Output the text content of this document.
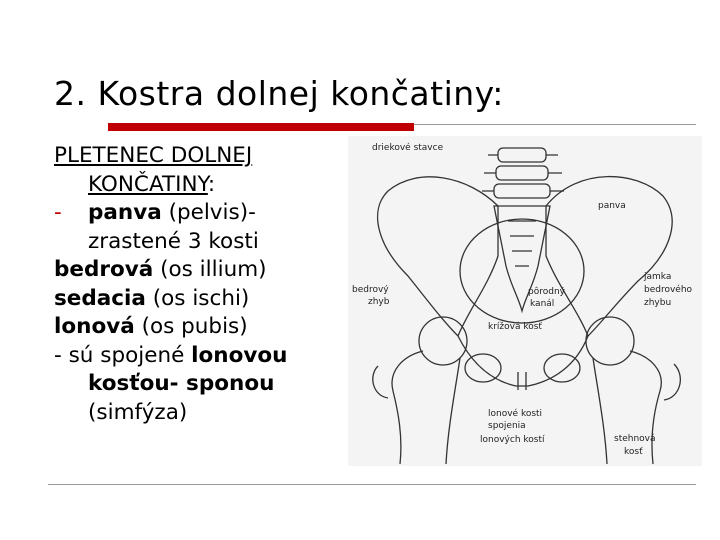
2. Kostra dolnej končatiny:
PLETENEC DOLNEJ
KONČATINY:
- panva (pelvis)-
zrastené 3 kosti
bedrová (os illium)
sedacia (os ischi)
lonová (os pubis)
- sú spojené lonovou
kosťou- sponou
(simfýza)
driekové stavce
panva
bedrový
zhyb
pôrodný
kanál
krížová kosť
jamka
bedrového
zhybu
lonové kosti
spojenia
lonových kostí	stehnová
kosť
